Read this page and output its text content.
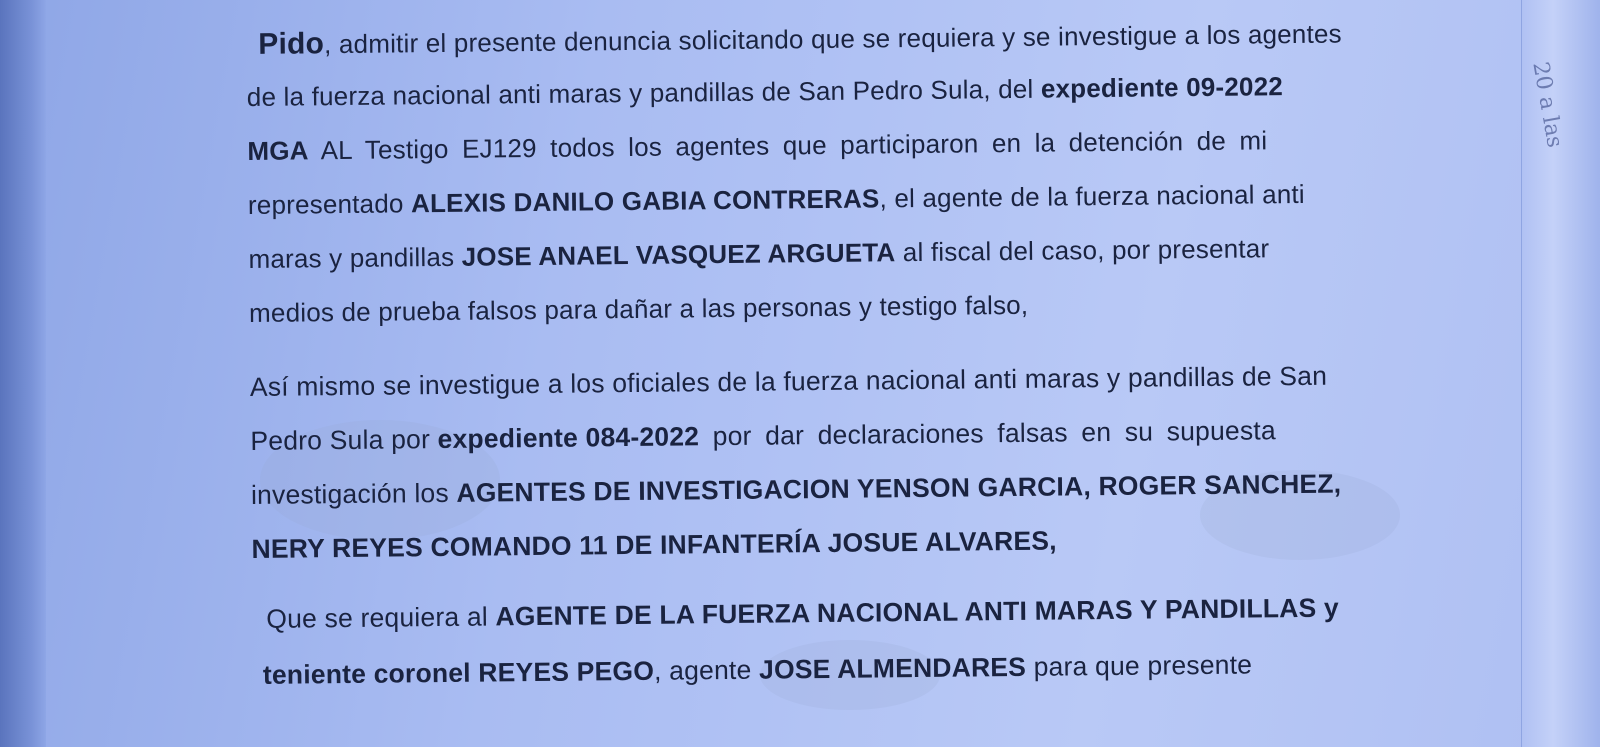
Pido, admitir el presente denuncia solicitando que se requiera y se investigue a los agentes
de la fuerza nacional anti maras y pandillas de San Pedro Sula, del expediente 09-2022
MGA AL Testigo EJ129 todos los agentes que participaron en la detención de mi
representado ALEXIS DANILO GABIA CONTRERAS, el agente de la fuerza nacional anti
maras y pandillas JOSE ANAEL VASQUEZ ARGUETA al fiscal del caso, por presentar
medios de prueba falsos para dañar a las personas y testigo falso,
Así mismo se investigue a los oficiales de la fuerza nacional anti maras y pandillas de San
Pedro Sula por expediente 084-2022 por dar declaraciones falsas en su supuesta
investigación los AGENTES DE INVESTIGACION YENSON GARCIA, ROGER SANCHEZ,
NERY REYES COMANDO 11 DE INFANTERÍA JOSUE ALVARES,
Que se requiera al AGENTE DE LA FUERZA NACIONAL ANTI MARAS Y PANDILLAS y
teniente coronel REYES PEGO, agente JOSE ALMENDARES para que presente
20 a las
